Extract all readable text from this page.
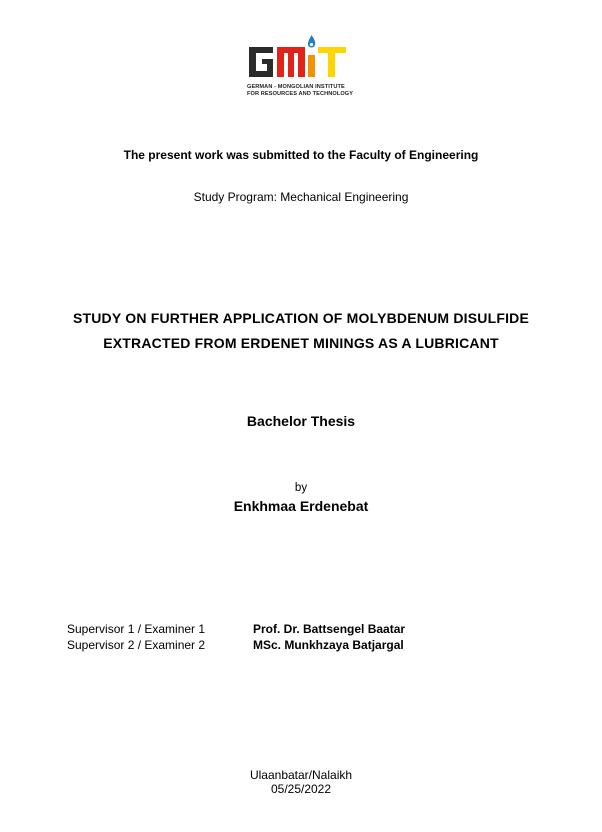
GERMAN - MONGOLIAN INSTITUTE
FOR RESOURCES AND TECHNOLOGY
The present work was submitted to the Faculty of Engineering
Study Program: Mechanical Engineering
STUDY ON FURTHER APPLICATION OF MOLYBDENUM DISULFIDE
EXTRACTED FROM ERDENET MININGS AS A LUBRICANT
Bachelor Thesis
by
Enkhmaa Erdenebat
Supervisor 1 / Examiner 1	Prof. Dr. Battsengel Baatar
Supervisor 2 / Examiner 2	MSc. Munkhzaya Batjargal
Ulaanbatar/Nalaikh
05/25/2022
